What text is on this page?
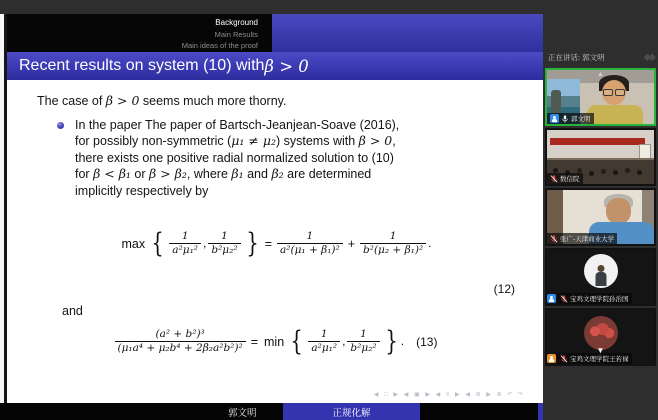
Background
Main Results
Main ideas of the proof
Recent results on system (10) with β > 0
The case of β > 0 seems much more thorny.
In the paper The paper of Bartsch-Jeanjean-Soave (2016),
for possibly non-symmetric (μ₁ ≠ μ₂) systems with β > 0,
there exists one positive radial normalized solution to (10)
for β < β₁ or β > β₂, where β₁ and β₂ are determined
implicitly respectively by
max { $\frac{1}{\text{a²μ₁²}}$ , $\frac{1}{\text{b²μ₂²}}$ } = $\frac{1}{\text{a²(μ₁ + β₁)²}} + \frac{1}{\text{b²(μ₂ + β₁)²}}$ .
(12)
and
$\frac{\text{(a² + b²)³}}{\text{(μ₁a⁴ + μ₂b⁴ + 2β₂a²b²)²}} = \min$ { $\frac{1}{\text{a²μ₁²}}$ , $\frac{1}{\text{b²μ₂²}}$ } . (13)
◀ □ ▶ ◀ ▣ ▶ ◀ ≡ ▶ ◀ ≣ ▶ ≣ ↶ ↷
郭文明	正规化解
正在讲话: 郭文明	◆◆
▲
郭文明
数信院
张广-天津商业大学
宝鸡文理学院孙治国
▼
宝鸡文理学院王若禄
